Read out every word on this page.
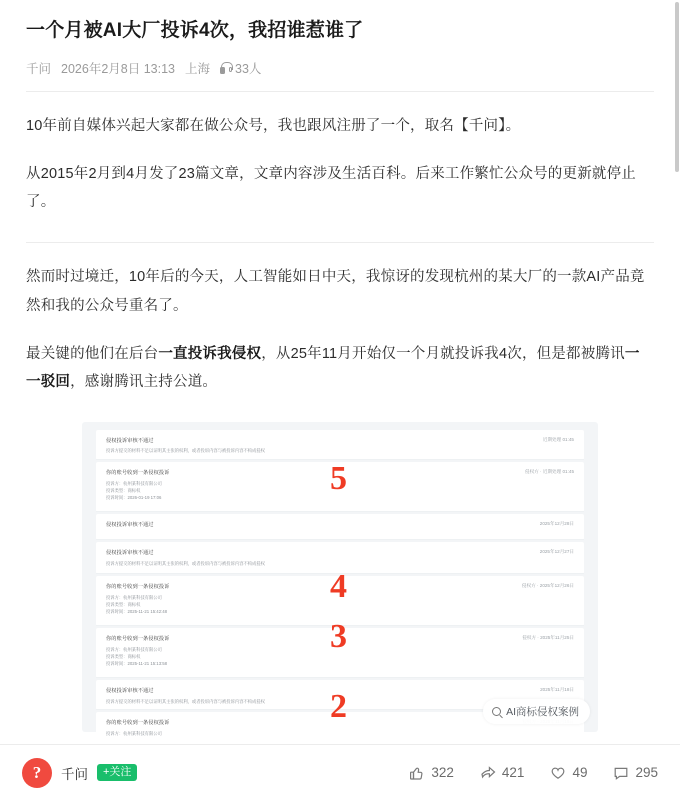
一个月被AI大厂投诉4次，我招谁惹谁了
千问 2026年2月8日 13:13 上海 33人

10年前自媒体兴起大家都在做公众号，我也跟风注册了一个，取名【千问】。

从2015年2月到4月发了23篇文章，文章内容涉及生活百科。后来工作繁忙公众号的更新就停止了。

然而时过境迁，10年后的今天，人工智能如日中天，我惊讶的发现杭州的某大厂的一款AI产品竟然和我的公众号重名了。

最关键的他们在后台一直投诉我侵权，从25年11月开始仅一个月就投诉我4次，但是都被腾讯一一驳回，感谢腾讯主持公道。

侵权投诉审核不通过	近期处理 01:45
投诉方提交的材料不足以证明其主张的权利，或者投诉内容与被投诉内容不构成侵权
你的账号收到一条侵权投诉	侵权方 · 近期处理 01:45
投诉方：杭州某科技有限公司
投诉类型：商标权
投诉时间：2026-01-19 17:06
侵权投诉审核不通过	2025年12月28日
侵权投诉审核不通过	2025年12月27日
投诉方提交的材料不足以证明其主张的权利，或者投诉内容与被投诉内容不构成侵权
你的账号收到一条侵权投诉	侵权方 · 2025年12月26日
投诉方：杭州某科技有限公司
投诉类型：商标权
投诉时间：2025-11-21 15:42:48
你的账号收到一条侵权投诉	侵权方 · 2025年11月25日
投诉方：杭州某科技有限公司
投诉类型：商标权
投诉时间：2025-11-21 15:13:58
侵权投诉审核不通过	2025年11月18日
投诉方提交的材料不足以证明其主张的权利，或者投诉内容与被投诉内容不构成侵权
你的账号收到一条侵权投诉
投诉方：杭州某科技有限公司
5
4
3
2	AI商标侵权案例
?	千问	+关注	322	421	49	295
